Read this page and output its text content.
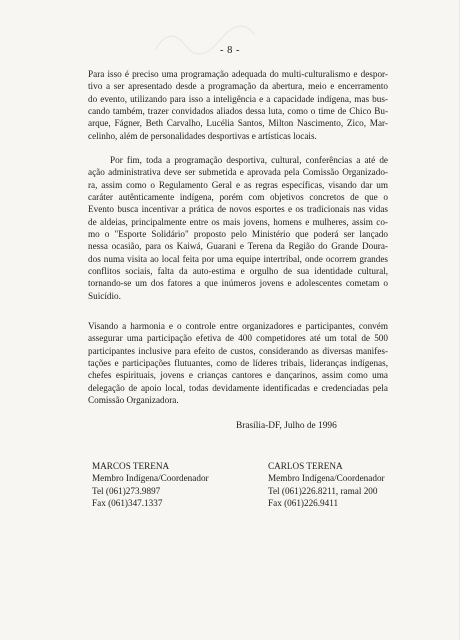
- 8 -

Para isso é preciso uma programação adequada do multi-culturalismo e despor-
tivo a ser apresentado desde a programação da abertura, meio e encerramento
do evento, utilizando para isso a inteligência e a capacidade indígena, mas bus-
cando também, trazer convidados aliados dessa luta, como o time de Chico Bu-
arque, Fágner, Beth Carvalho, Lucélia Santos, Milton Nascimento, Zico, Mar-
celinho, além de personalidades desportivas e artísticas locais.

Por fim, toda a programação desportiva, cultural, conferências a até de
ação administrativa deve ser submetida e aprovada pela Comissão Organizado-
ra, assim como o Regulamento Geral e as regras específicas, visando dar um
caráter autênticamente indígena, porém com objetivos concretos de que o
Evento busca incentivar a prática de novos esportes e os tradicionais nas vidas
de aldeias, principalmente entre os mais jovens, homens e mulheres, assim co-
mo o "Esporte Solidário" proposto pelo Ministério que poderá ser lançado
nessa ocasião, para os Kaiwá, Guarani e Terena da Região do Grande Doura-
dos numa visita ao local feita por uma equipe intertribal, onde ocorrem grandes
conflitos sociais, falta da auto-estima e orgulho de sua identidade cultural,
tornando-se um dos fatores a que inúmeros jovens e adolescentes cometam o
Suicídio.

Visando a harmonia e o controle entre organizadores e participantes, convém
assegurar uma participação efetiva de 400 competidores até um total de 500
participantes inclusive para efeito de custos, considerando as diversas manifes-
tações e participações flutuantes, como de líderes tribais, lideranças indígenas,
chefes espirituais, jovens e crianças cantores e dançarinos, assim como uma
delegação de apoio local, todas devidamente identificadas e credenciadas pela
Comissão Organizadora.

Brasília-DF, Julho de 1996
MARCOS TERENA
Membro Indígena/Coordenador
Tel (061)273.9897
Fax (061)347.1337
CARLOS TERENA
Membro Indígena/Coordenador
Tel (061)226.8211, ramal 200
Fax (061)226.9411
